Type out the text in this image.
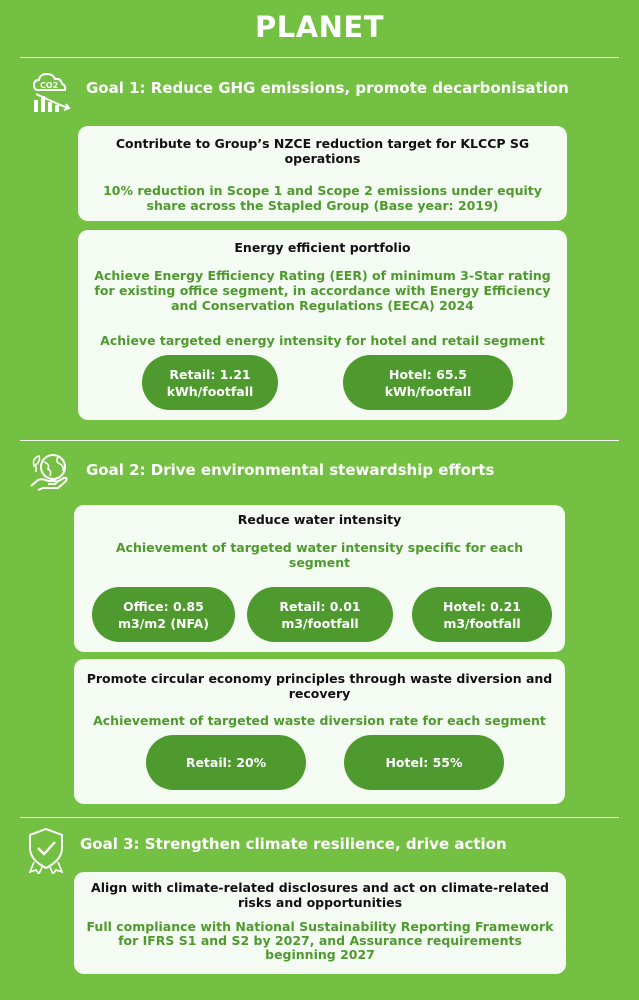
PLANET
CO2 Goal 1: Reduce GHG emissions, promote decarbonisation
Contribute to Group’s NZCE reduction target for KLCCP SG operations
10% reduction in Scope 1 and Scope 2 emissions under equity share across the Stapled Group (Base year: 2019)
Energy efficient portfolio
Achieve Energy Efficiency Rating (EER) of minimum 3-Star rating for existing office segment, in accordance with Energy Efficiency and Conservation Regulations (EECA) 2024
Achieve targeted energy intensity for hotel and retail segment
Retail: 1.21 kWh/footfall
Hotel: 65.5 kWh/footfall
Goal 2: Drive environmental stewardship efforts
Reduce water intensity
Achievement of targeted water intensity specific for each segment
Office: 0.85 m3/m2 (NFA)
Retail: 0.01 m3/footfall
Hotel: 0.21 m3/footfall
Promote circular economy principles through waste diversion and recovery
Achievement of targeted waste diversion rate for each segment
Retail: 20%	Hotel: 55%
Goal 3: Strengthen climate resilience, drive action
Align with climate-related disclosures and act on climate-related risks and opportunities
Full compliance with National Sustainability Reporting Framework for IFRS S1 and S2 by 2027, and Assurance requirements beginning 2027
